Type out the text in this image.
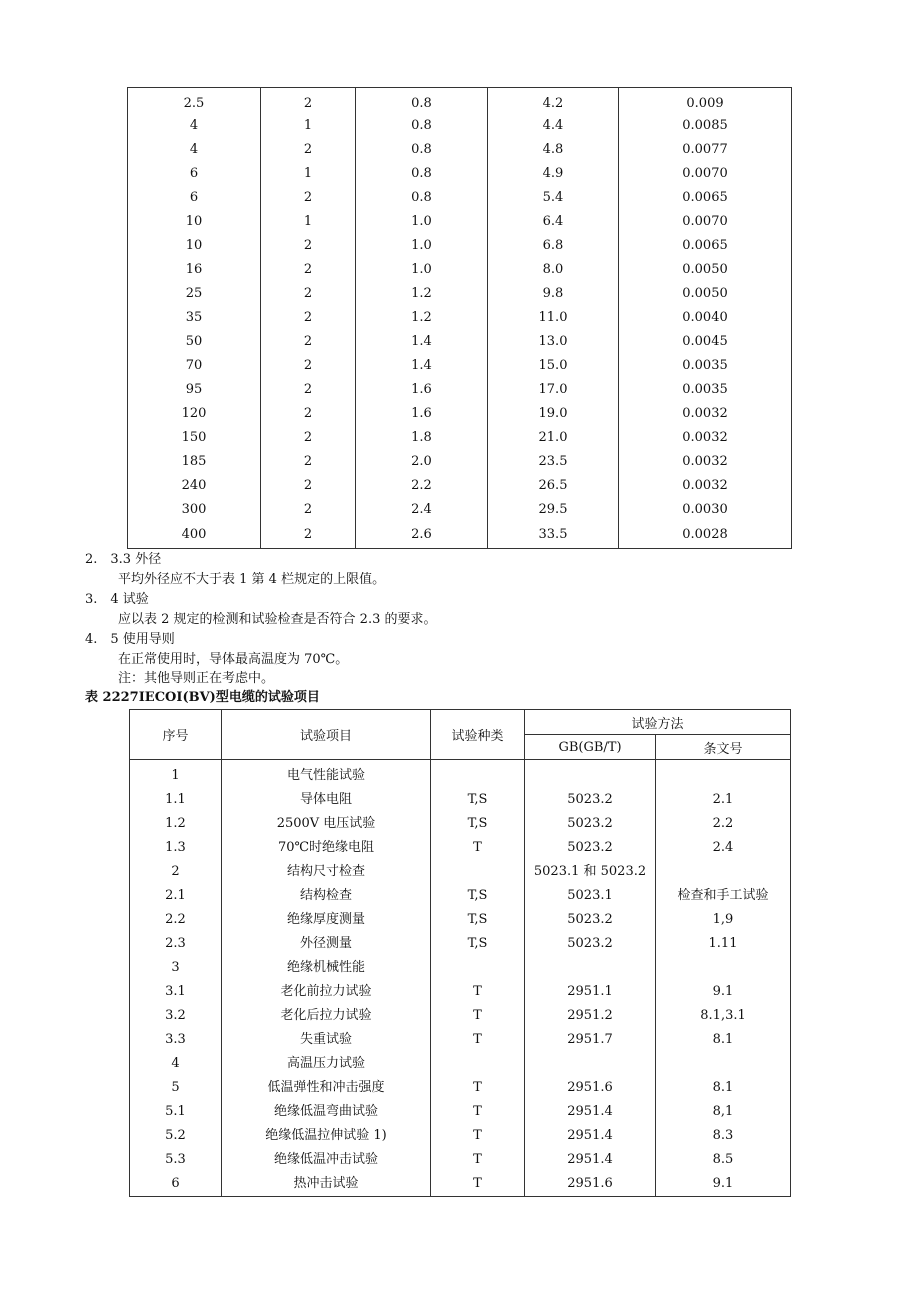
2.5	2	0.8	4.2	0.009
4	1	0.8	4.4	0.0085
4	2	0.8	4.8	0.0077
6	1	0.8	4.9	0.0070
6	2	0.8	5.4	0.0065
10	1	1.0	6.4	0.0070
10	2	1.0	6.8	0.0065
16	2	1.0	8.0	0.0050
25	2	1.2	9.8	0.0050
35	2	1.2	11.0	0.0040
50	2	1.4	13.0	0.0045
70	2	1.4	15.0	0.0035
95	2	1.6	17.0	0.0035
120	2	1.6	19.0	0.0032
150	2	1.8	21.0	0.0032
185	2	2.0	23.5	0.0032
240	2	2.2	26.5	0.0032
300	2	2.4	29.5	0.0030
400	2	2.6	33.5	0.0028
2.　3.3 外径
平均外径应不大于表 1 第 4 栏规定的上限值。
3.　4 试验
应以表 2 规定的检测和试验检查是否符合 2.3 的要求。
4.　5 使用导则
在正常使用时，导体最高温度为 70℃。
注：其他导则正在考虑中。
表 2227IECOI(BV)型电缆的试验项目
序号	试验项目	试验种类	试验方法	
			GB(GB/T)	条文号
1	电气性能试验			
1.1	导体电阻	T,S	5023.2	2.1
1.2	2500V 电压试验	T,S	5023.2	2.2
1.3	70℃时绝缘电阻	T	5023.2	2.4
2	结构尺寸检查		5023.1 和 5023.2	
2.1	结构检查	T,S	5023.1	检查和手工试验
2.2	绝缘厚度测量	T,S	5023.2	1,9
2.3	外径测量	T,S	5023.2	1.11
3	绝缘机械性能			
3.1	老化前拉力试验	T	2951.1	9.1
3.2	老化后拉力试验	T	2951.2	8.1,3.1
3.3	失重试验	T	2951.7	8.1
4	高温压力试验			
5	低温弹性和冲击强度	T	2951.6	8.1
5.1	绝缘低温弯曲试验	T	2951.4	8,1
5.2	绝缘低温拉伸试验 1)	T	2951.4	8.3
5.3	绝缘低温冲击试验	T	2951.4	8.5
6	热冲击试验	T	2951.6	9.1
